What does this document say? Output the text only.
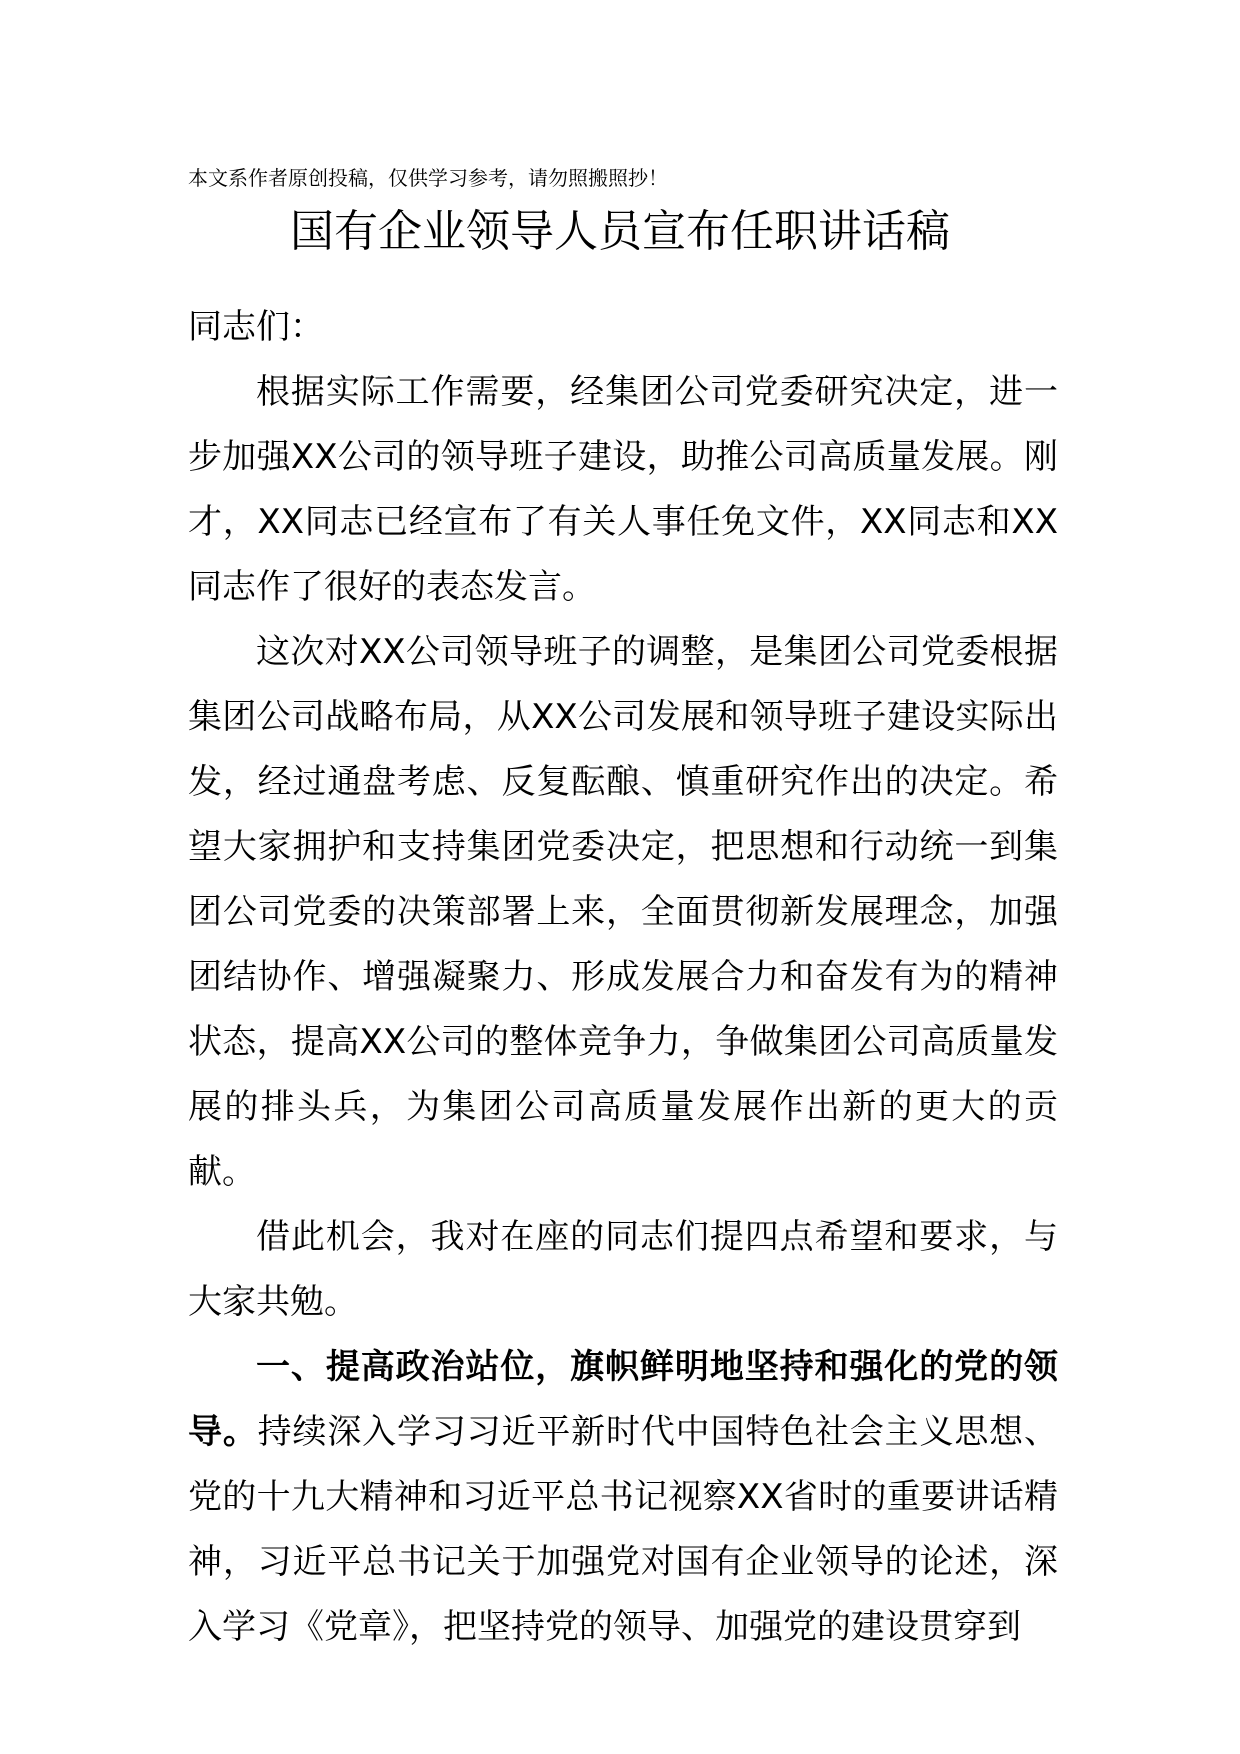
本文系作者原创投稿，仅供学习参考，请勿照搬照抄！
国有企业领导人员宣布任职讲话稿

同志们：

根据实际工作需要，经集团公司党委研究决定，进一步加强XX公司的领导班子建设，助推公司高质量发展。刚才，XX同志已经宣布了有关人事任免文件，XX同志和XX同志作了很好的表态发言。

这次对XX公司领导班子的调整，是集团公司党委根据集团公司战略布局，从XX公司发展和领导班子建设实际出发，经过通盘考虑、反复酝酿、慎重研究作出的决定。希望大家拥护和支持集团党委决定，把思想和行动统一到集团公司党委的决策部署上来，全面贯彻新发展理念，加强团结协作、增强凝聚力、形成发展合力和奋发有为的精神状态，提高XX公司的整体竞争力，争做集团公司高质量发展的排头兵，为集团公司高质量发展作出新的更大的贡献。

借此机会，我对在座的同志们提四点希望和要求，与大家共勉。

一、提高政治站位，旗帜鲜明地坚持和强化的党的领导。持续深入学习习近平新时代中国特色社会主义思想、党的十九大精神和习近平总书记视察XX省时的重要讲话精神，习近平总书记关于加强党对国有企业领导的论述，深入学习《党章》，把坚持党的领导、加强党的建设贯穿到
